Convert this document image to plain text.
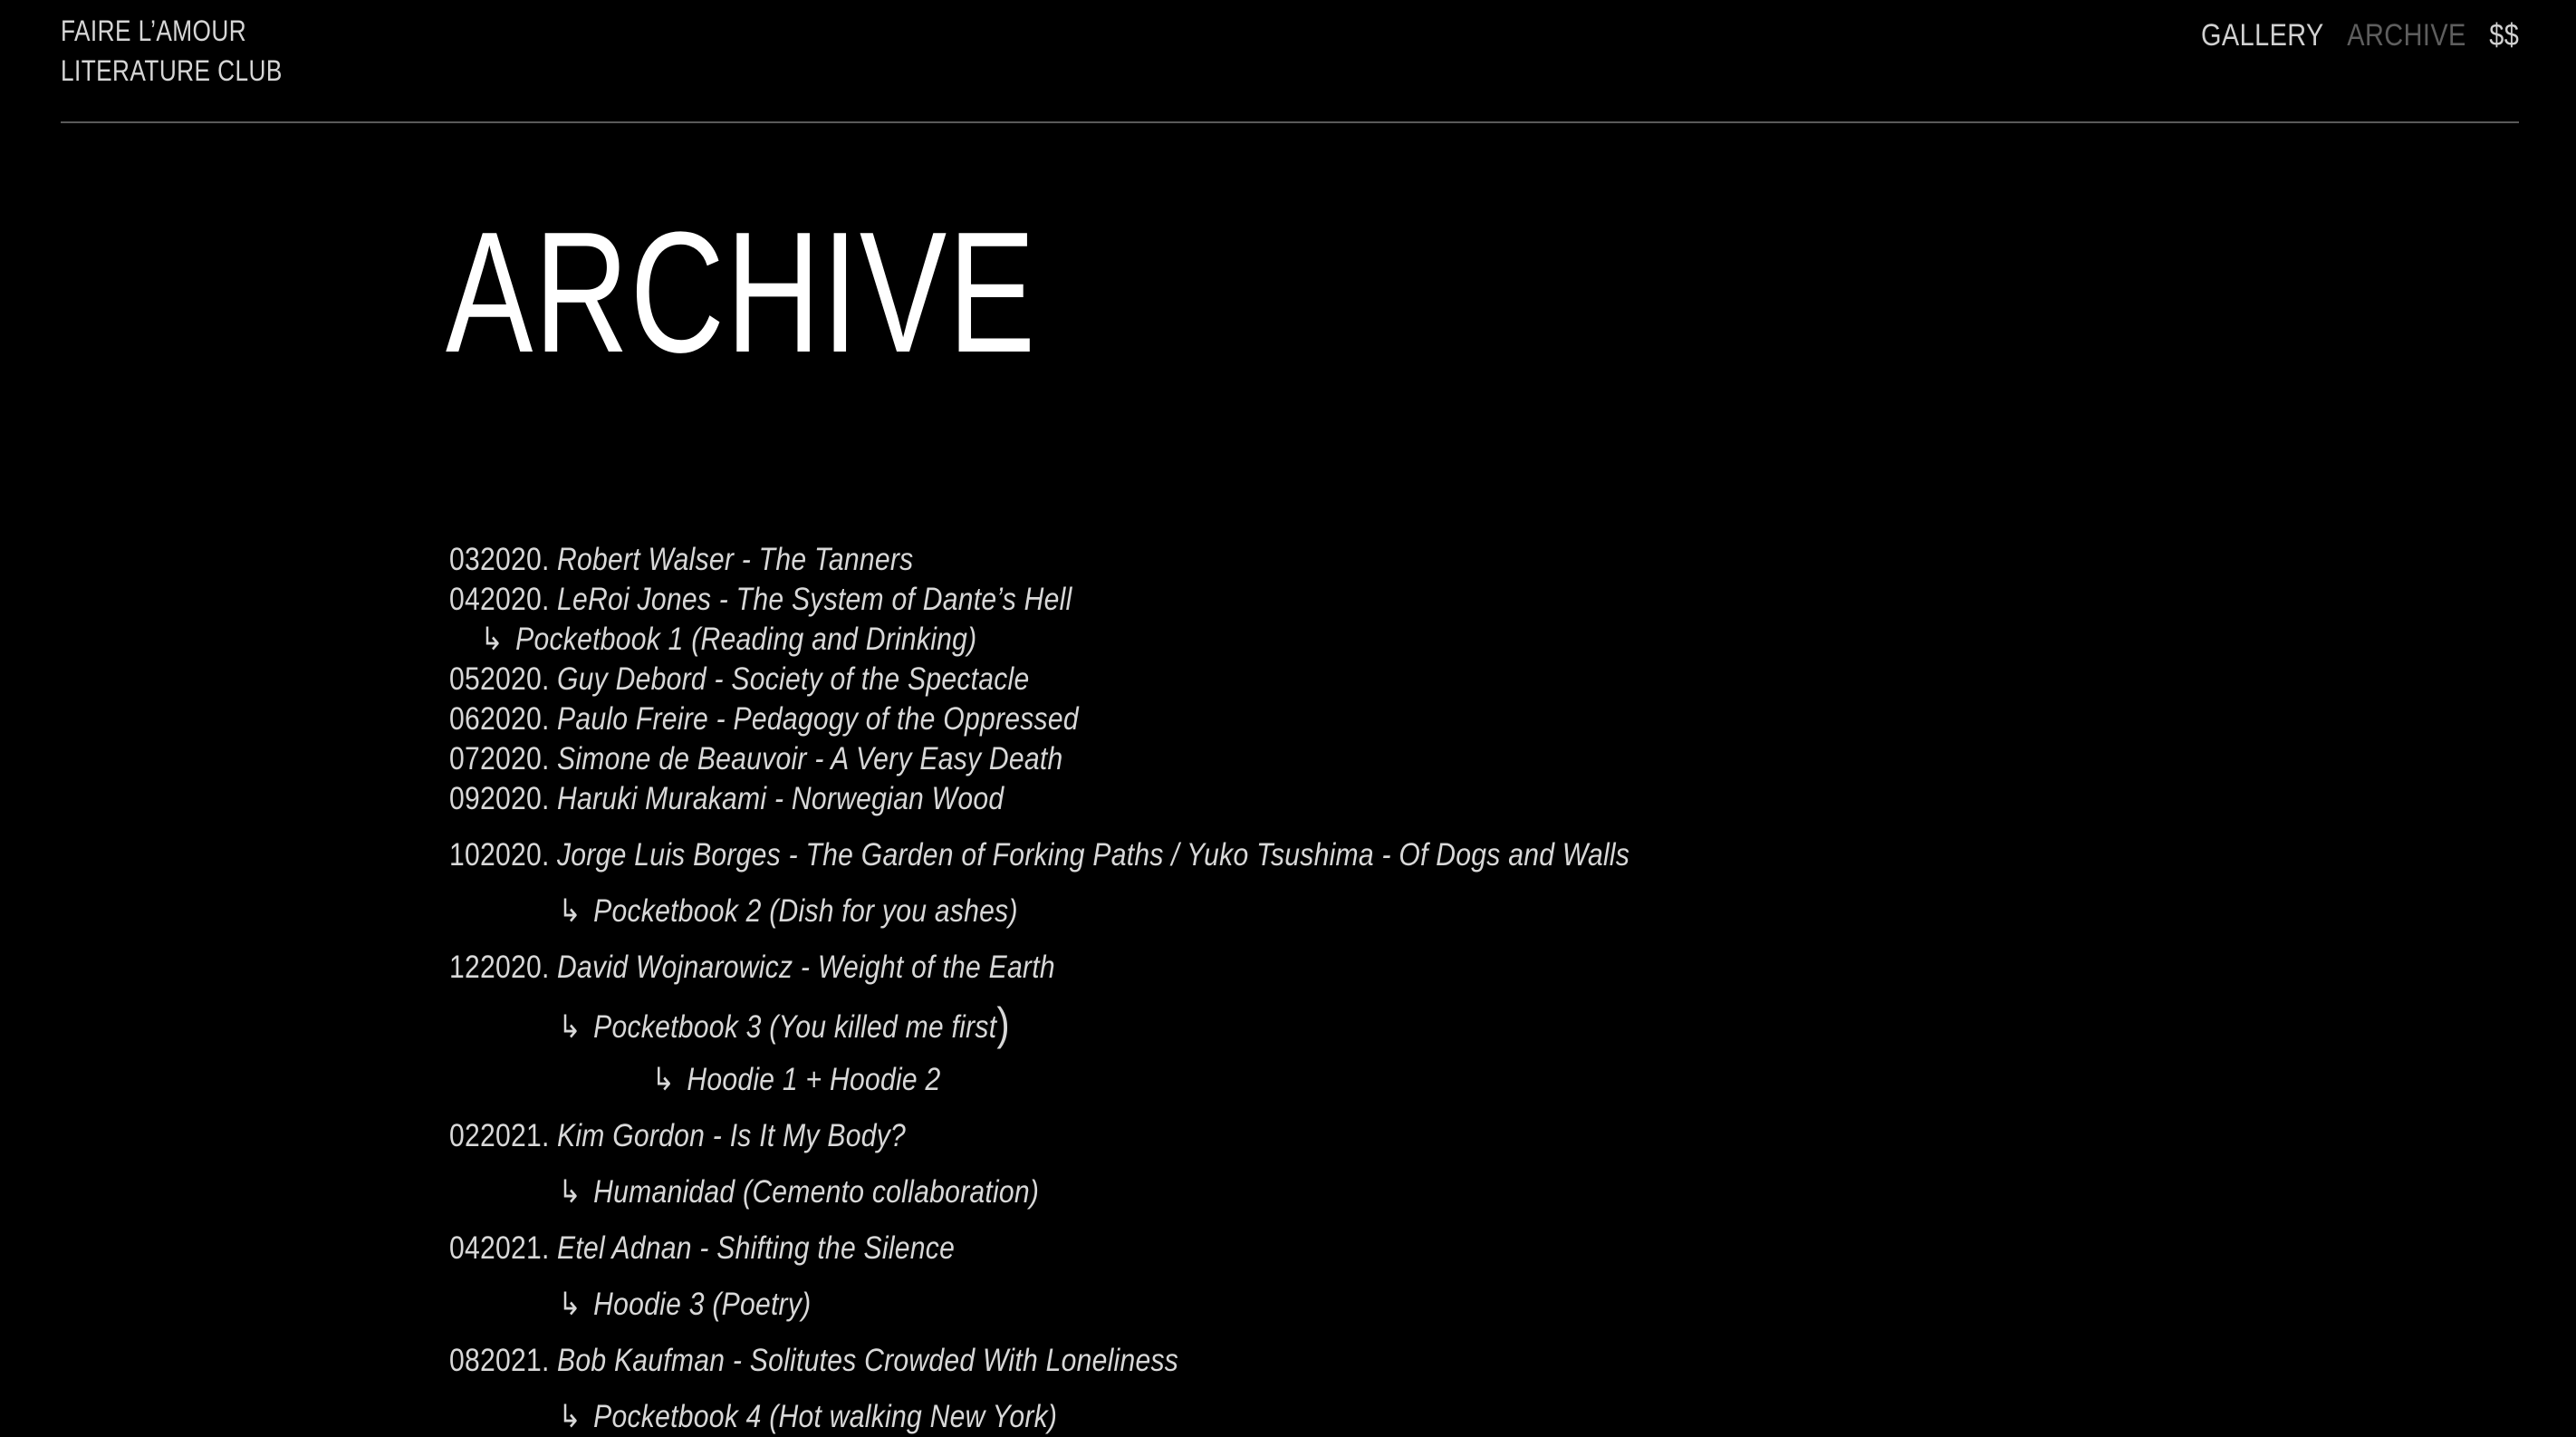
FAIRE L’AMOUR
LITERATURE CLUB
GALLERY ARCHIVE $$
ARCHIVE
032020. Robert Walser - The Tanners
042020. LeRoi Jones - The System of Dante’s Hell
↳ Pocketbook 1 (Reading and Drinking)
052020. Guy Debord - Society of the Spectacle
062020. Paulo Freire - Pedagogy of the Oppressed
072020. Simone de Beauvoir - A Very Easy Death
092020. Haruki Murakami - Norwegian Wood
102020. Jorge Luis Borges - The Garden of Forking Paths / Yuko Tsushima - Of Dogs and Walls
↳ Pocketbook 2 (Dish for you ashes)
122020. David Wojnarowicz - Weight of the Earth
↳ Pocketbook 3 (You killed me first)
↳ Hoodie 1 + Hoodie 2
022021. Kim Gordon - Is It My Body?
↳ Humanidad (Cemento collaboration)
042021. Etel Adnan - Shifting the Silence
↳ Hoodie 3 (Poetry)
082021. Bob Kaufman - Solitutes Crowded With Loneliness
↳ Pocketbook 4 (Hot walking New York)
